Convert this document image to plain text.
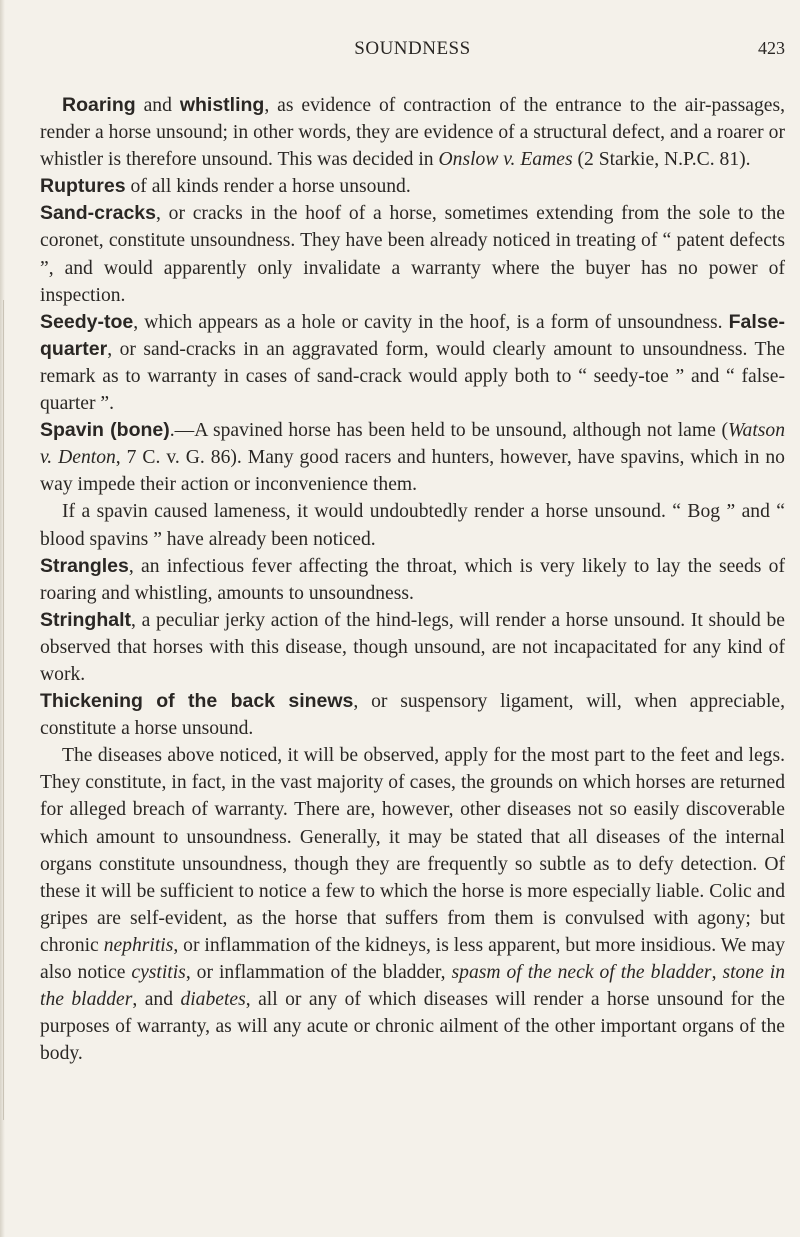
SOUNDNESS	423

Roaring and whistling, as evidence of contraction of the entrance to the air-passages, render a horse unsound; in other words, they are evidence of a structural defect, and a roarer or whistler is therefore unsound. This was decided in Onslow v. Eames (2 Starkie, N.P.C. 81).

Ruptures of all kinds render a horse unsound.

Sand-cracks, or cracks in the hoof of a horse, sometimes extending from the sole to the coronet, constitute unsoundness. They have been already noticed in treating of “ patent defects ”, and would apparently only invalidate a warranty where the buyer has no power of inspection.

Seedy-toe, which appears as a hole or cavity in the hoof, is a form of unsoundness. False-quarter, or sand-cracks in an aggravated form, would clearly amount to unsoundness. The remark as to warranty in cases of sand-crack would apply both to “ seedy-toe ” and “ false-quarter ”.

Spavin (bone).—A spavined horse has been held to be unsound, although not lame (Watson v. Denton, 7 C. v. G. 86). Many good racers and hunters, however, have spavins, which in no way impede their action or inconvenience them.

If a spavin caused lameness, it would undoubtedly render a horse unsound. “ Bog ” and “ blood spavins ” have already been noticed.

Strangles, an infectious fever affecting the throat, which is very likely to lay the seeds of roaring and whistling, amounts to unsoundness.

Stringhalt, a peculiar jerky action of the hind-legs, will render a horse unsound. It should be observed that horses with this disease, though unsound, are not incapacitated for any kind of work.

Thickening of the back sinews, or suspensory ligament, will, when appreciable, constitute a horse unsound.

The diseases above noticed, it will be observed, apply for the most part to the feet and legs. They constitute, in fact, in the vast majority of cases, the grounds on which horses are returned for alleged breach of warranty. There are, however, other diseases not so easily discoverable which amount to unsoundness. Generally, it may be stated that all diseases of the internal organs constitute unsoundness, though they are frequently so subtle as to defy detection. Of these it will be sufficient to notice a few to which the horse is more especially liable. Colic and gripes are self-evident, as the horse that suffers from them is convulsed with agony; but chronic nephritis, or inflammation of the kidneys, is less apparent, but more insidious. We may also notice cystitis, or inflammation of the bladder, spasm of the neck of the bladder, stone in the bladder, and diabetes, all or any of which diseases will render a horse unsound for the purposes of warranty, as will any acute or chronic ailment of the other important organs of the body.
